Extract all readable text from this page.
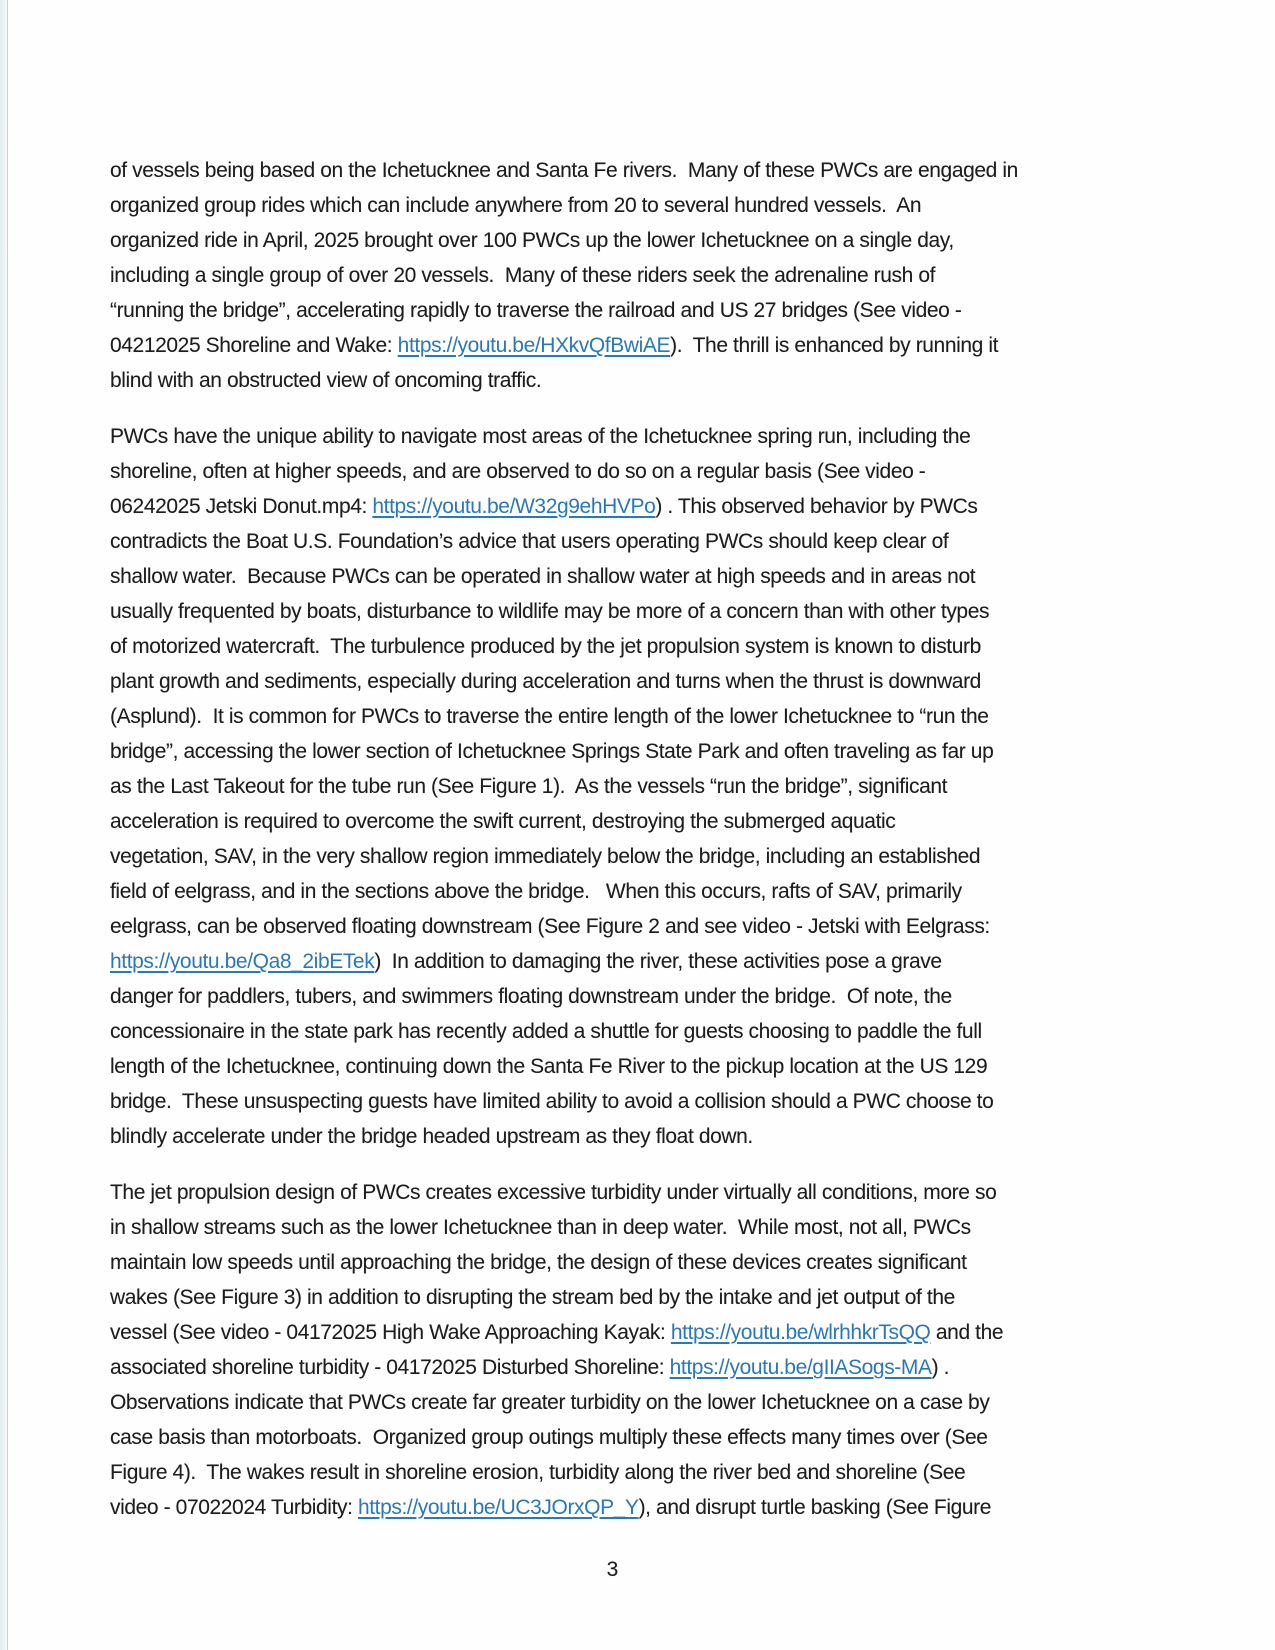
of vessels being based on the Ichetucknee and Santa Fe rivers.  Many of these PWCs are engaged in
organized group rides which can include anywhere from 20 to several hundred vessels.  An
organized ride in April, 2025 brought over 100 PWCs up the lower Ichetucknee on a single day,
including a single group of over 20 vessels.  Many of these riders seek the adrenaline rush of
“running the bridge”, accelerating rapidly to traverse the railroad and US 27 bridges (See video -
04212025 Shoreline and Wake: https://youtu.be/HXkvQfBwiAE).  The thrill is enhanced by running it
blind with an obstructed view of oncoming traffic.
PWCs have the unique ability to navigate most areas of the Ichetucknee spring run, including the
shoreline, often at higher speeds, and are observed to do so on a regular basis (See video -
06242025 Jetski Donut.mp4: https://youtu.be/W32g9ehHVPo) . This observed behavior by PWCs
contradicts the Boat U.S. Foundation’s advice that users operating PWCs should keep clear of
shallow water.  Because PWCs can be operated in shallow water at high speeds and in areas not
usually frequented by boats, disturbance to wildlife may be more of a concern than with other types
of motorized watercraft.  The turbulence produced by the jet propulsion system is known to disturb
plant growth and sediments, especially during acceleration and turns when the thrust is downward
(Asplund).  It is common for PWCs to traverse the entire length of the lower Ichetucknee to “run the
bridge”, accessing the lower section of Ichetucknee Springs State Park and often traveling as far up
as the Last Takeout for the tube run (See Figure 1).  As the vessels “run the bridge”, significant
acceleration is required to overcome the swift current, destroying the submerged aquatic
vegetation, SAV, in the very shallow region immediately below the bridge, including an established
field of eelgrass, and in the sections above the bridge.   When this occurs, rafts of SAV, primarily
eelgrass, can be observed floating downstream (See Figure 2 and see video - Jetski with Eelgrass:
https://youtu.be/Qa8_2ibETek)  In addition to damaging the river, these activities pose a grave
danger for paddlers, tubers, and swimmers floating downstream under the bridge.  Of note, the
concessionaire in the state park has recently added a shuttle for guests choosing to paddle the full
length of the Ichetucknee, continuing down the Santa Fe River to the pickup location at the US 129
bridge.  These unsuspecting guests have limited ability to avoid a collision should a PWC choose to
blindly accelerate under the bridge headed upstream as they float down.
The jet propulsion design of PWCs creates excessive turbidity under virtually all conditions, more so
in shallow streams such as the lower Ichetucknee than in deep water.  While most, not all, PWCs
maintain low speeds until approaching the bridge, the design of these devices creates significant
wakes (See Figure 3) in addition to disrupting the stream bed by the intake and jet output of the
vessel (See video - 04172025 High Wake Approaching Kayak: https://youtu.be/wlrhhkrTsQQ and the
associated shoreline turbidity - 04172025 Disturbed Shoreline: https://youtu.be/gIIASogs-MA) .
Observations indicate that PWCs create far greater turbidity on the lower Ichetucknee on a case by
case basis than motorboats.  Organized group outings multiply these effects many times over (See
Figure 4).  The wakes result in shoreline erosion, turbidity along the river bed and shoreline (See
video - 07022024 Turbidity: https://youtu.be/UC3JOrxQP_Y), and disrupt turtle basking (See Figure
3
